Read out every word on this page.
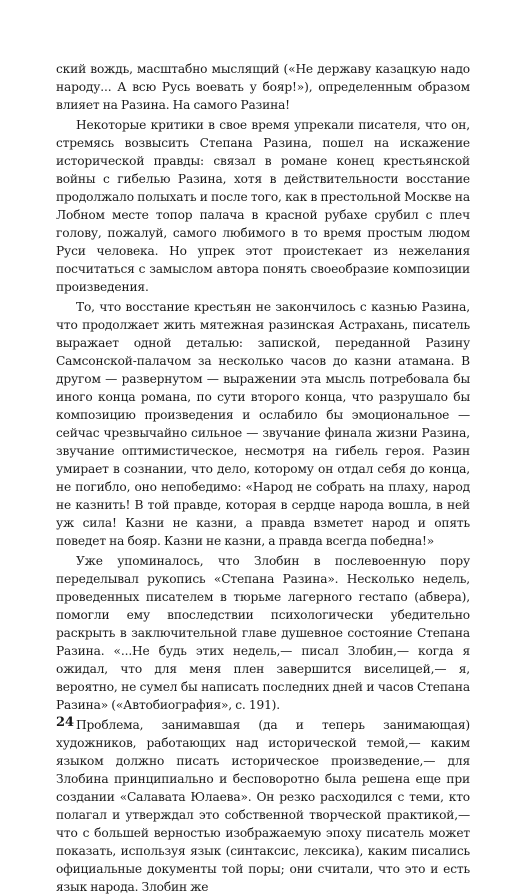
ский вождь, масштабно мыслящий («Не державу казацкую надо народу... А всю Русь воевать у бояр!»), определенным образом влияет на Разина. На самого Разина!

Некоторые критики в свое время упрекали писателя, что он, стремясь возвысить Степана Разина, пошел на искажение исторической правды: связал в романе конец крестьянской войны с гибелью Разина, хотя в действительности восстание продолжало полыхать и после того, как в престольной Москве на Лобном месте топор палача в красной рубахе срубил с плеч голову, пожалуй, самого любимого в то время простым людом Руси человека. Но упрек этот проистекает из нежелания посчитаться с замыслом автора понять своеобразие композиции произведения.

То, что восстание крестьян не закончилось с казнью Разина, что продолжает жить мятежная разинская Астрахань, писатель выражает одной деталью: запиской, переданной Разину Самсонской-палачом за несколько часов до казни атамана. В другом — развернутом — выражении эта мысль потребовала бы иного конца романа, по сути второго конца, что разрушало бы композицию произведения и ослабило бы эмоциональное — сейчас чрезвычайно сильное — звучание финала жизни Разина, звучание оптимистическое, несмотря на гибель героя. Разин умирает в сознании, что дело, которому он отдал себя до конца, не погибло, оно непобедимо: «Народ не собрать на плаху, народ не казнить! В той правде, которая в сердце народа вошла, в ней уж сила! Казни не казни, а правда взметет народ и опять поведет на бояр. Казни не казни, а правда всегда победна!»

Уже упоминалось, что Злобин в послевоенную пору переделывал рукопись «Степана Разина». Несколько недель, проведенных писателем в тюрьме лагерного гестапо (абвера), помогли ему впоследствии психологически убедительно раскрыть в заключительной главе душевное состояние Степана Разина. «...Не будь этих недель,— писал Злобин,— когда я ожидал, что для меня плен завершится виселицей,— я, вероятно, не сумел бы написать последних дней и часов Степана Разина» («Автобиография», с. 191).

Проблема, занимавшая (да и теперь занимающая) художников, работающих над исторической темой,— каким языком должно писать историческое произведение,— для Злобина принципиально и бесповоротно была решена еще при создании «Салавата Юлаева». Он резко расходился с теми, кто полагал и утверждал это собственной творческой практикой,— что с большей верностью изображаемую эпоху писатель может показать, используя язык (синтаксис, лексика), каким писались официальные документы той поры; они считали, что это и есть язык народа. Злобин же

24
